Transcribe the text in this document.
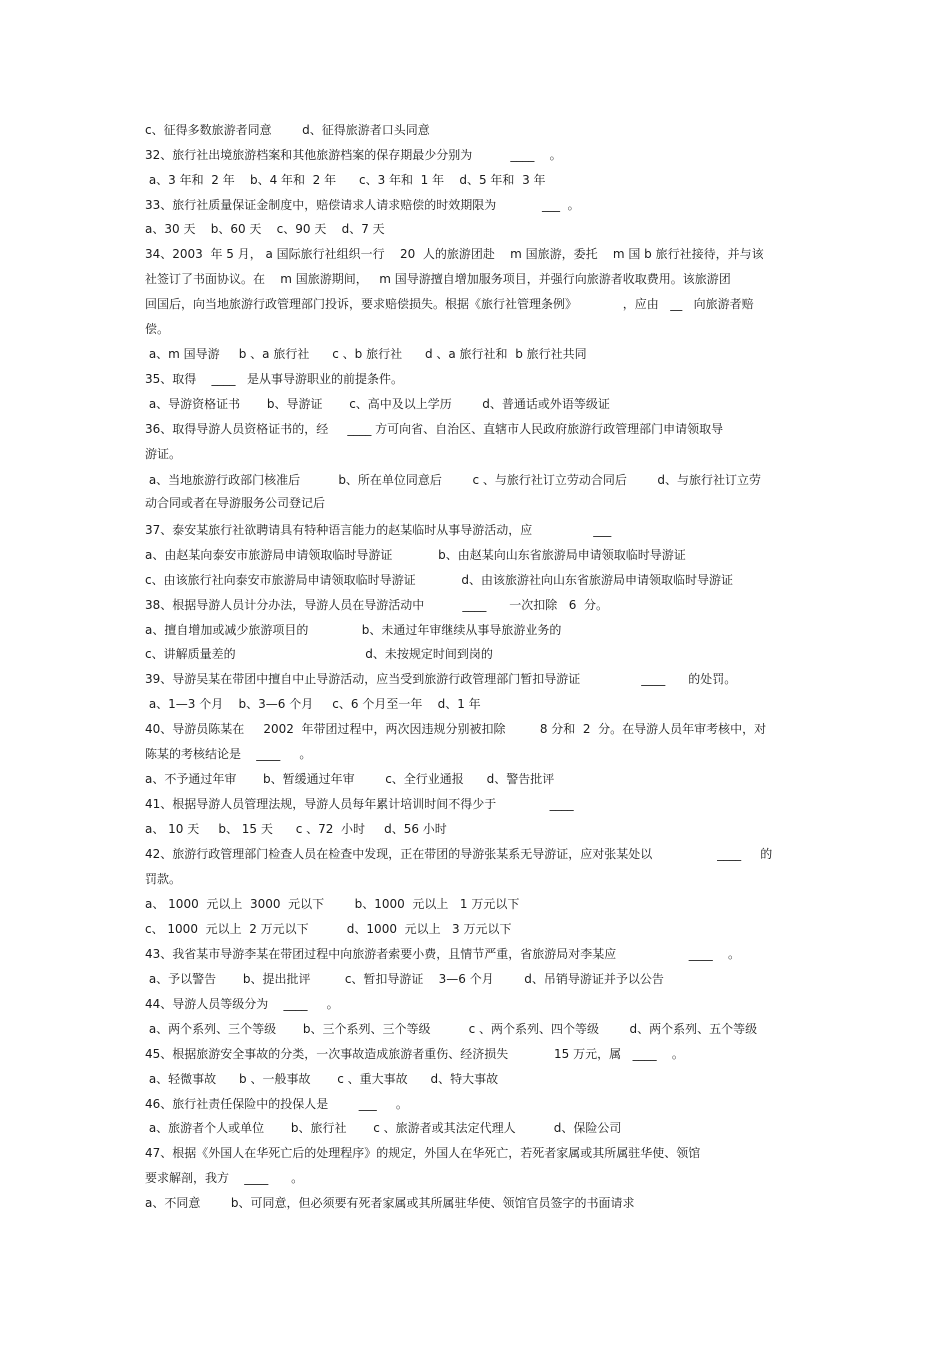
c、征得多数旅游者同意        d、征得旅游者口头同意
32、旅行社出境旅游档案和其他旅游档案的保存期最少分别为          ____    。
a、3 年和  2 年    b、4 年和  2 年      c、3 年和  1 年    d、5 年和  3 年
33、旅行社质量保证金制度中，赔偿请求人请求赔偿的时效期限为            ___  。
a、30 天    b、60 天    c、90 天    d、7 天
34、2003  年 5 月， a 国际旅行社组织一行    20  人的旅游团赴    m 国旅游，委托    m 国 b 旅行社接待，并与该
社签订了书面协议。在    m 国旅游期间，   m 国导游擅自增加服务项目，并强行向旅游者收取费用。该旅游团
回国后，向当地旅游行政管理部门投诉，要求赔偿损失。根据《旅行社管理条例》            ，应由   __   向旅游者赔
偿。
a、m 国导游     b 、a 旅行社      c 、b 旅行社      d 、a 旅行社和  b 旅行社共同
35、取得    ____   是从事导游职业的前提条件。
a、导游资格证书       b、导游证       c、高中及以上学历        d、普通话或外语等级证
36、取得导游人员资格证书的，经     ____ 方可向省、自治区、直辖市人民政府旅游行政管理部门申请领取导
游证。
a、当地旅游行政部门核准后          b、所在单位同意后        c 、与旅行社订立劳动合同后        d、与旅行社订立劳
动合同或者在导游服务公司登记后
37、泰安某旅行社欲聘请具有特种语言能力的赵某临时从事导游活动，应                ___
a、由赵某向泰安市旅游局申请领取临时导游证            b、由赵某向山东省旅游局申请领取临时导游证
c、由该旅行社向泰安市旅游局申请领取临时导游证            d、由该旅游社向山东省旅游局申请领取临时导游证
38、根据导游人员计分办法，导游人员在导游活动中          ____      一次扣除   6  分。
a、擅自增加或减少旅游项目的              b、未通过年审继续从事导旅游业务的
c、讲解质量差的                                  d、未按规定时间到岗的
39、导游吴某在带团中擅自中止导游活动，应当受到旅游行政管理部门暂扣导游证                ____      的处罚。
a、1—3 个月    b、3—6 个月     c、6 个月至一年    d、1 年
40、导游员陈某在     2002  年带团过程中，两次因违规分别被扣除         8 分和  2  分。在导游人员年审考核中，对
陈某的考核结论是    ____     。
a、不予通过年审       b、暂缓通过年审        c、全行业通报      d、警告批评
41、根据导游人员管理法规，导游人员每年累计培训时间不得少于              ____
a、 10 天     b、 15 天      c 、72  小时     d、56 小时
42、旅游行政管理部门检查人员在检查中发现，正在带团的导游张某系无导游证，应对张某处以                 ____     的
罚款。
a、 1000  元以上  3000  元以下        b、1000  元以上   1 万元以下
c、 1000  元以上  2 万元以下          d、1000  元以上   3 万元以下
43、我省某市导游李某在带团过程中向旅游者索要小费，且情节严重，省旅游局对李某应                   ____    。
a、予以警告       b、提出批评         c、暂扣导游证    3—6 个月        d、吊销导游证并予以公告
44、导游人员等级分为    ____     。
a、两个系列、三个等级       b、三个系列、三个等级          c 、两个系列、四个等级        d、两个系列、五个等级
45、根据旅游安全事故的分类，一次事故造成旅游者重伤、经济损失            15 万元，属   ____    。
a、轻微事故      b 、一般事故       c 、重大事故      d、特大事故
46、旅行社责任保险中的投保人是        ___     。
a、旅游者个人或单位       b、旅行社       c 、旅游者或其法定代理人          d、保险公司
47、根据《外国人在华死亡后的处理程序》的规定，外国人在华死亡，若死者家属或其所属驻华使、领馆
要求解剖，我方    ____      。
a、不同意        b、可同意，但必须要有死者家属或其所属驻华使、领馆官员签字的书面请求
